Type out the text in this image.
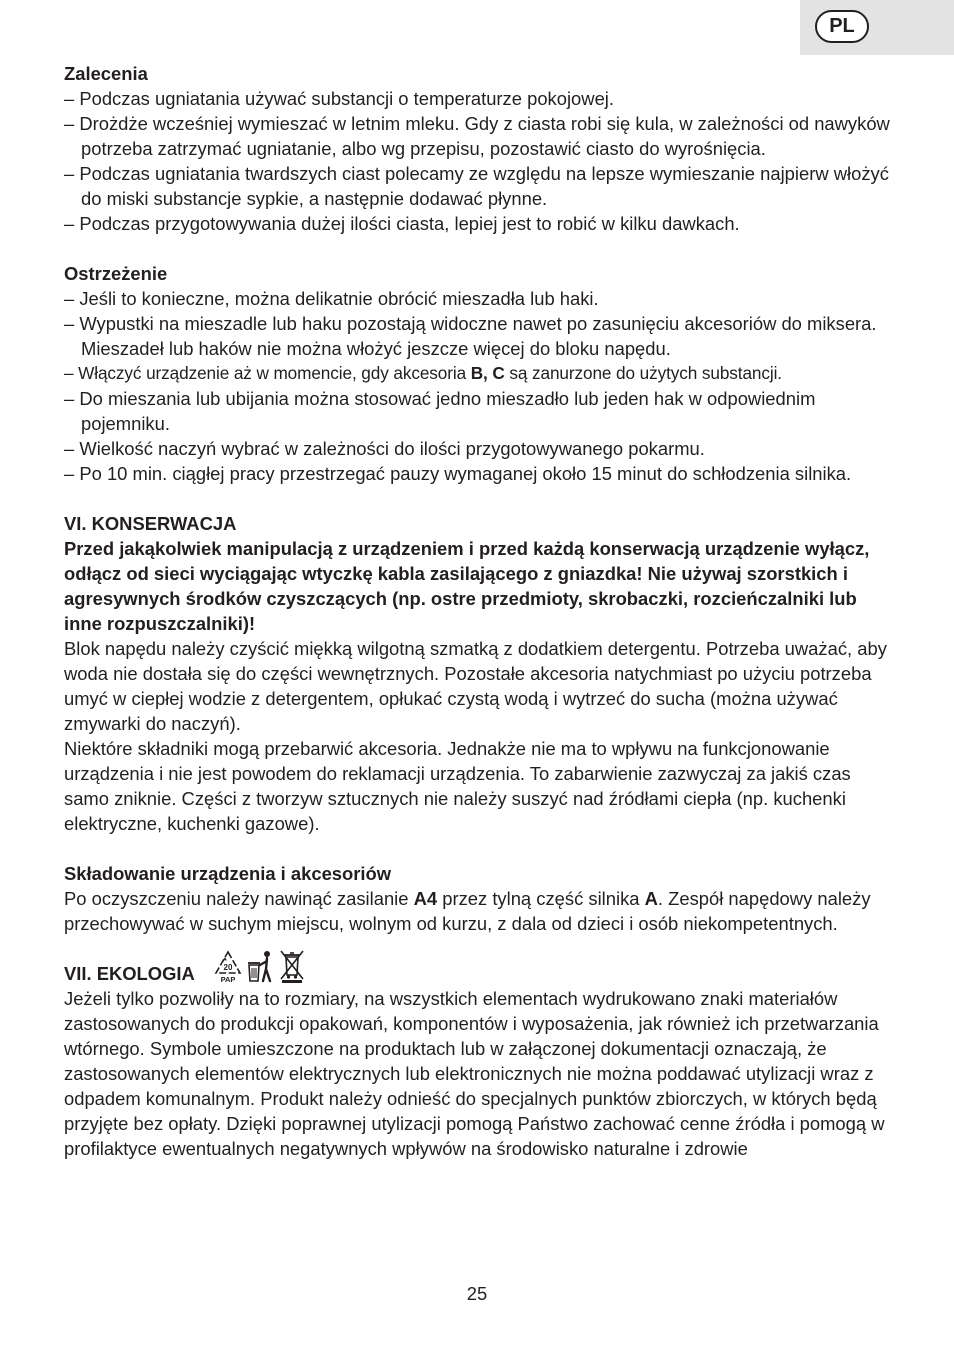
PL

Zalecenia

– Podczas ugniatania używać substancji o temperaturze pokojowej.

– Drożdże wcześniej wymieszać w letnim mleku. Gdy z ciasta robi się kula, w zależności od nawyków potrzeba zatrzymać ugniatanie, albo wg przepisu, pozostawić ciasto do wyrośnięcia.

– Podczas ugniatania twardszych ciast polecamy ze względu na lepsze wymieszanie najpierw włożyć do miski substancje sypkie, a następnie dodawać płynne.

– Podczas przygotowywania dużej ilości ciasta, lepiej jest to robić w kilku dawkach.

Ostrzeżenie

– Jeśli to konieczne, można delikatnie obrócić mieszadła lub haki.

– Wypustki na mieszadle lub haku pozostają widoczne nawet po zasunięciu akcesoriów do miksera. Mieszadeł lub haków nie można włożyć jeszcze więcej do bloku napędu.

– Włączyć urządzenie aż w momencie, gdy akcesoria B, C są zanurzone do użytych substancji.

– Do mieszania lub ubijania można stosować jedno mieszadło lub jeden hak w odpowiednim pojemniku.

– Wielkość naczyń wybrać w zależności do ilości przygotowywanego pokarmu.

– Po 10 min. ciągłej pracy przestrzegać pauzy wymaganej około 15 minut do schłodzenia silnika.

VI. KONSERWACJA

Przed jakąkolwiek manipulacją z urządzeniem i przed każdą konserwacją urządzenie wyłącz, odłącz od sieci wyciągając wtyczkę kabla zasilającego z gniazdka! Nie używaj szorstkich i agresywnych środków czyszczących (np. ostre przedmioty, skrobaczki, rozcieńczalniki lub inne rozpuszczalniki)!

Blok napędu należy czyścić miękką wilgotną szmatką z dodatkiem detergentu. Potrzeba uważać, aby woda nie dostała się do części wewnętrznych. Pozostałe akcesoria natychmiast po użyciu potrzeba umyć w ciepłej wodzie z detergentem, opłukać czystą wodą i wytrzeć do sucha (można używać zmywarki do naczyń).

Niektóre składniki mogą przebarwić akcesoria. Jednakże nie ma to wpływu na funkcjonowanie urządzenia i nie jest powodem do reklamacji urządzenia. To zabarwienie zazwyczaj za jakiś czas samo zniknie. Części z tworzyw sztucznych nie należy suszyć nad źródłami ciepła (np. kuchenki elektryczne, kuchenki gazowe).

Składowanie urządzenia i akcesoriów

Po oczyszczeniu należy nawinąć zasilanie A4 przez tylną część silnika A. Zespół napędowy należy przechowywać w suchym miejscu, wolnym od kurzu, z dala od dzieci i osób niekompetentnych.

VII. EKOLOGIA	20
PAP

Jeżeli tylko pozwoliły na to rozmiary, na wszystkich elementach wydrukowano znaki materiałów zastosowanych do produkcji opakowań, komponentów i wyposażenia, jak również ich przetwarzania wtórnego. Symbole umieszczone na produktach lub w załączonej dokumentacji oznaczają, że zastosowanych elementów elektrycznych lub elektronicznych nie można poddawać utylizacji wraz z odpadem komunalnym. Produkt należy odnieść do specjalnych punktów zbiorczych, w których będą przyjęte bez opłaty. Dzięki poprawnej utylizacji pomogą Państwo zachować cenne źródła i pomogą w profilaktyce ewentualnych negatywnych wpływów na środowisko naturalne i zdrowie

25
